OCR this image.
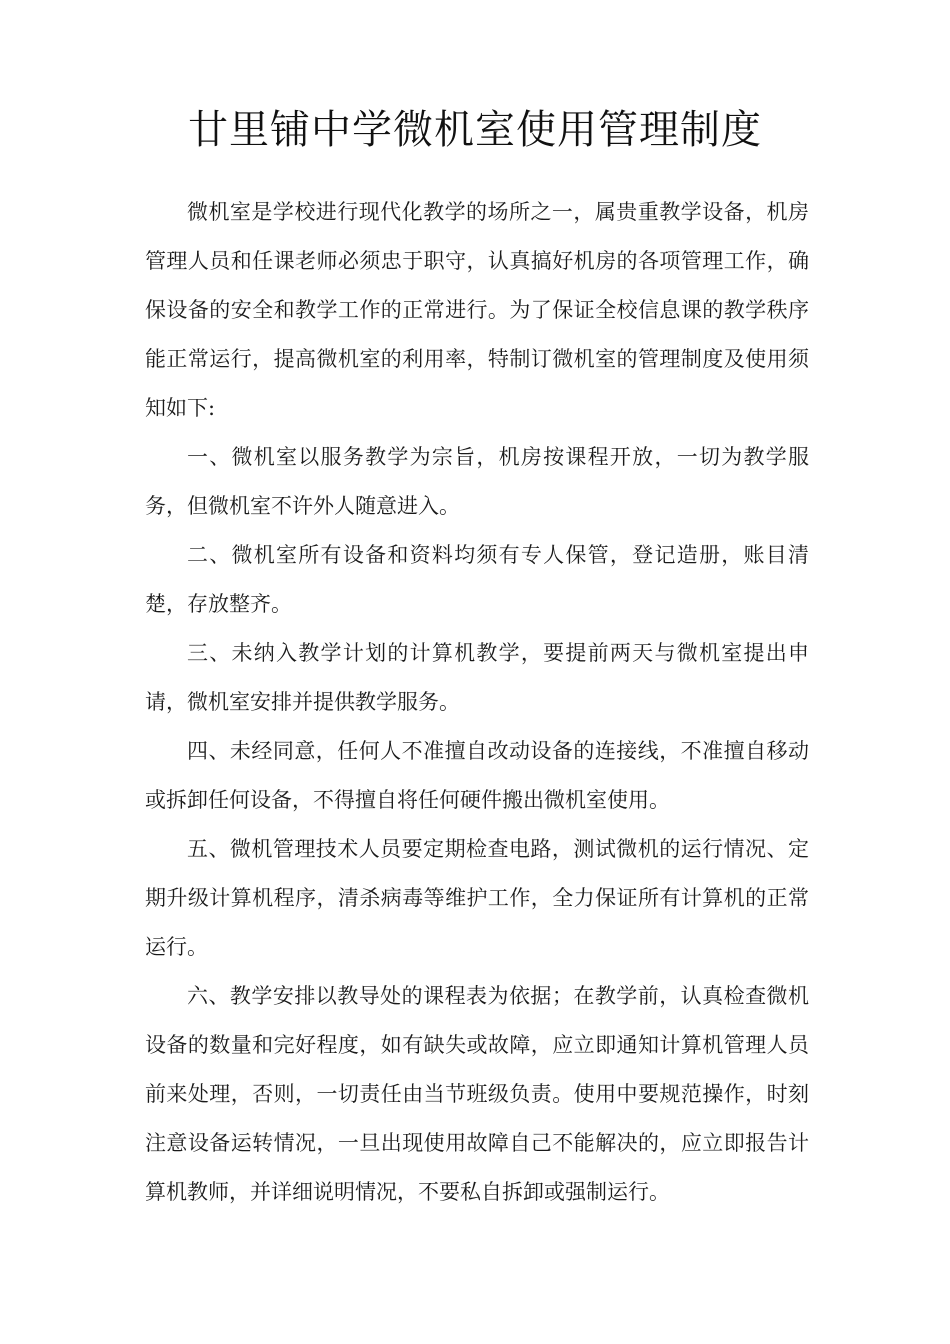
廿里铺中学微机室使用管理制度

微机室是学校进行现代化教学的场所之一，属贵重教学设备，机房管理人员和任课老师必须忠于职守，认真搞好机房的各项管理工作，确保设备的安全和教学工作的正常进行。为了保证全校信息课的教学秩序能正常运行，提高微机室的利用率，特制订微机室的管理制度及使用须知如下:

一、微机室以服务教学为宗旨，机房按课程开放，一切为教学服务，但微机室不许外人随意进入。

二、微机室所有设备和资料均须有专人保管，登记造册，账目清楚，存放整齐。

三、未纳入教学计划的计算机教学，要提前两天与微机室提出申请，微机室安排并提供教学服务。

四、未经同意，任何人不准擅自改动设备的连接线，不准擅自移动或拆卸任何设备，不得擅自将任何硬件搬出微机室使用。

五、微机管理技术人员要定期检查电路，测试微机的运行情况、定期升级计算机程序，清杀病毒等维护工作，全力保证所有计算机的正常运行。

六、教学安排以教导处的课程表为依据；在教学前，认真检查微机设备的数量和完好程度，如有缺失或故障，应立即通知计算机管理人员前来处理，否则，一切责任由当节班级负责。使用中要规范操作，时刻注意设备运转情况，一旦出现使用故障自己不能解决的，应立即报告计算机教师，并详细说明情况，不要私自拆卸或强制运行。
